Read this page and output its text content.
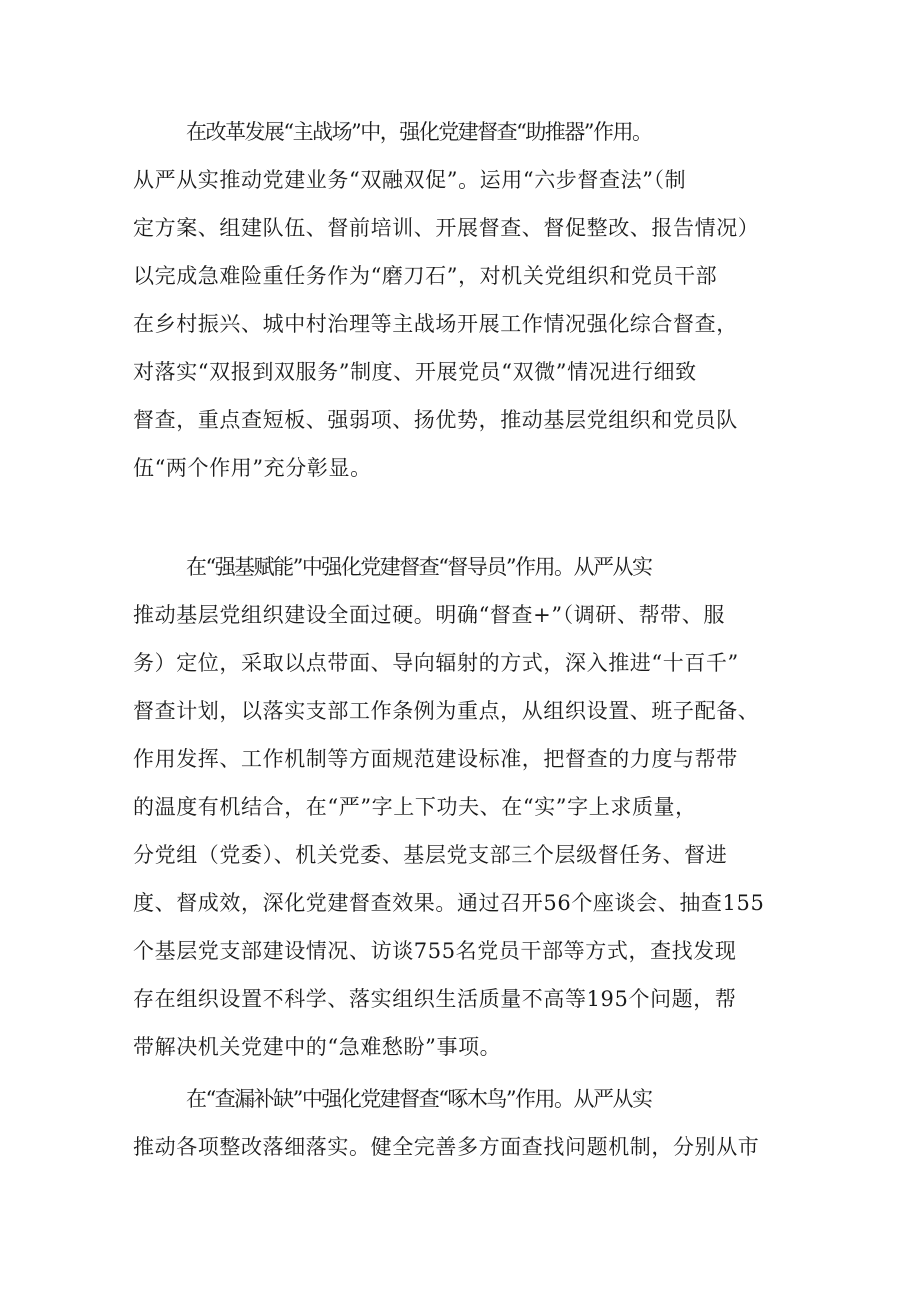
在改革发展“主战场”中，强化党建督查“助推器”作用。
从严从实推动党建业务“双融双促”。运用“六步督查法”（制
定方案、组建队伍、督前培训、开展督查、督促整改、报告情况）
以完成急难险重任务作为“磨刀石”，对机关党组织和党员干部
在乡村振兴、城中村治理等主战场开展工作情况强化综合督查，
对落实“双报到双服务”制度、开展党员“双微”情况进行细致
督查，重点查短板、强弱项、扬优势，推动基层党组织和党员队
伍“两个作用”充分彰显。
在“强基赋能”中强化党建督查“督导员”作用。从严从实
推动基层党组织建设全面过硬。明确“督查+”（调研、帮带、服
务）定位，采取以点带面、导向辐射的方式，深入推进“十百千”
督查计划，以落实支部工作条例为重点，从组织设置、班子配备、
作用发挥、工作机制等方面规范建设标准，把督查的力度与帮带
的温度有机结合，在“严”字上下功夫、在“实”字上求质量，
分党组（党委）、机关党委、基层党支部三个层级督任务、督进
度、督成效，深化党建督查效果。通过召开56个座谈会、抽查155
个基层党支部建设情况、访谈755名党员干部等方式，查找发现
存在组织设置不科学、落实组织生活质量不高等195个问题，帮
带解决机关党建中的“急难愁盼”事项。
在“查漏补缺”中强化党建督查“啄木鸟”作用。从严从实
推动各项整改落细落实。健全完善多方面查找问题机制，分别从市
